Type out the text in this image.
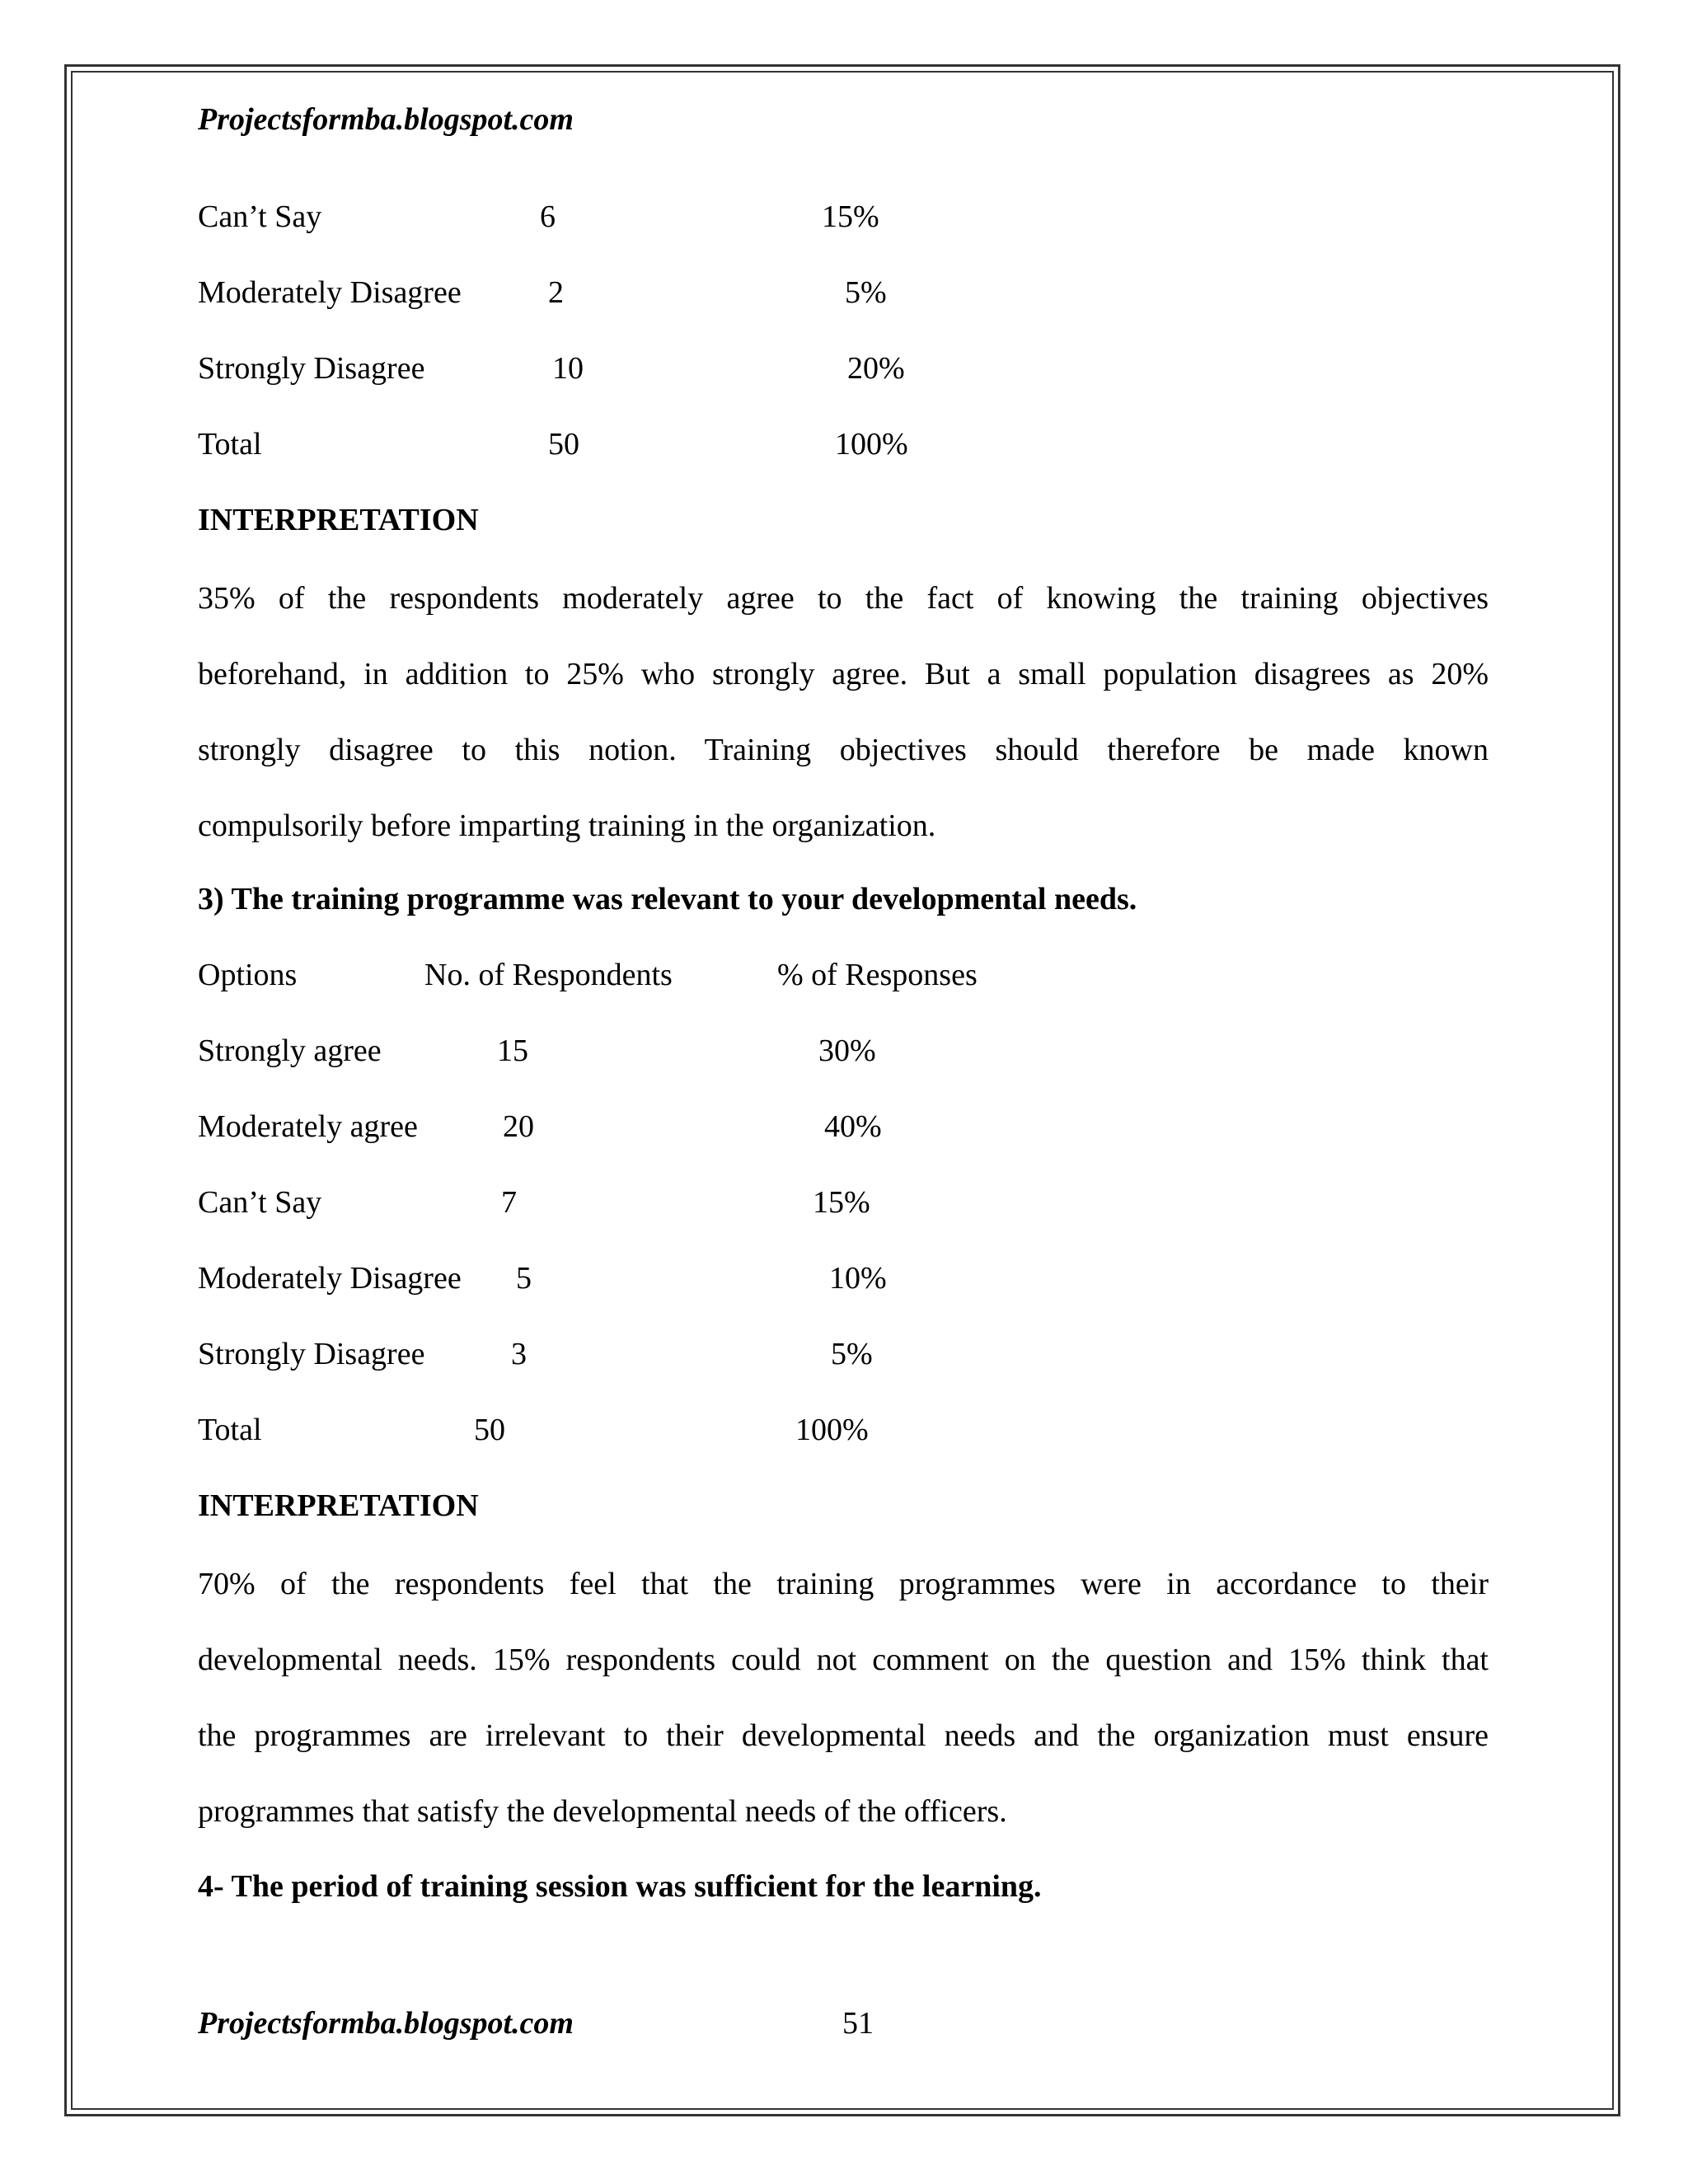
Projectsformba.blogspot.com
Can’t Say	6	15%
Moderately Disagree	2	5%
Strongly Disagree	10	20%
Total	50	100%
INTERPRETATION
35% of the respondents moderately agree to the fact of knowing the training objectives
beforehand, in addition to 25% who strongly agree. But a small population disagrees as 20%
strongly disagree to this notion. Training objectives should therefore be made known
compulsorily before imparting training in the organization.
3) The training programme was relevant to your developmental needs.
Options	No. of Respondents	% of Responses
Strongly agree	15	30%
Moderately agree	20	40%
Can’t Say	7	15%
Moderately Disagree 5	10%
Strongly Disagree	3	5%
Total	50	100%
INTERPRETATION
70% of the respondents feel that the training programmes were in accordance to their
developmental needs. 15% respondents could not comment on the question and 15% think that
the programmes are irrelevant to their developmental needs and the organization must ensure
programmes that satisfy the developmental needs of the officers.
4- The period of training session was sufficient for the learning.
Projectsformba.blogspot.com	51
